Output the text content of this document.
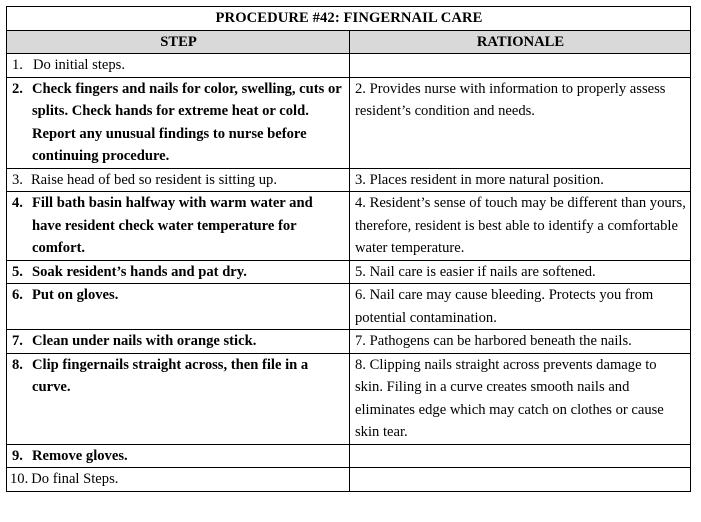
PROCEDURE #42: FINGERNAIL CARE	
STEP	RATIONALE
1. Do initial steps.	

2. Check fingers and nails for color, swelling, cuts or splits. Check hands for extreme heat or cold. Report any unusual findings to nurse before continuing procedure.	2. Provides nurse with information to properly assess resident’s condition and needs.
3. Raise head of bed so resident is sitting up.	3. Places resident in more natural position.

4. Fill bath basin halfway with warm water and have resident check water temperature for comfort.	4. Resident’s sense of touch may be different than yours, therefore, resident is best able to identify a comfortable water temperature.

5. Soak resident’s hands and pat dry.	5. Nail care is easier if nails are softened.

6. Put on gloves.	6. Nail care may cause bleeding. Protects you from potential contamination.

7. Clean under nails with orange stick.	7. Pathogens can be harbored beneath the nails.

8. Clip fingernails straight across, then file in a curve.	8. Clipping nails straight across prevents damage to skin. Filing in a curve creates smooth nails and eliminates edge which may catch on clothes or cause skin tear.

9. Remove gloves.	

10. Do final Steps.	
